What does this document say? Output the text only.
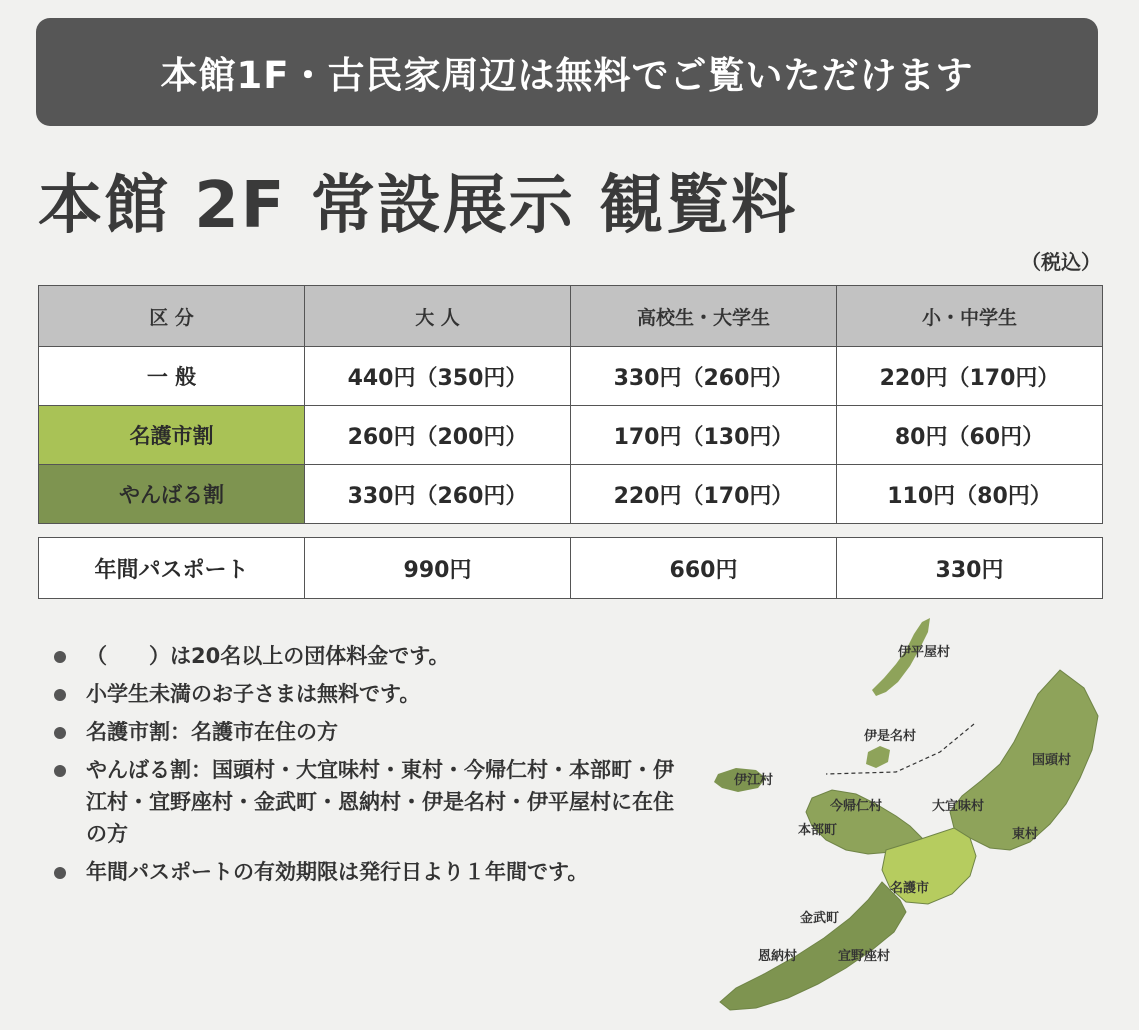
本館1F・古民家周辺は無料でご覧いただけます
本館 2F 常設展示 観覧料
（税込）
区 分	大 人	高校生・大学生	小・中学生
一 般	440円（350円）	330円（260円）	220円（170円）
名護市割	260円（200円）	170円（130円）	80円（60円）
やんばる割	330円（260円）	220円（170円）	110円（80円）
年間パスポート	990円	660円	330円
（　　）は20名以上の団体料金です。
小学生未満のお子さまは無料です。
名護市割：名護市在住の方
やんばる割：国頭村・大宜味村・東村・今帰仁村・本部町・伊江村・宜野座村・金武町・恩納村・伊是名村・伊平屋村に在住の方
年間パスポートの有効期限は発行日より１年間です。
伊平屋村
伊是名村
伊江村
国頭村
今帰仁村	大宜味村
本部町	東村
名護市
金武町
恩納村	宜野座村
